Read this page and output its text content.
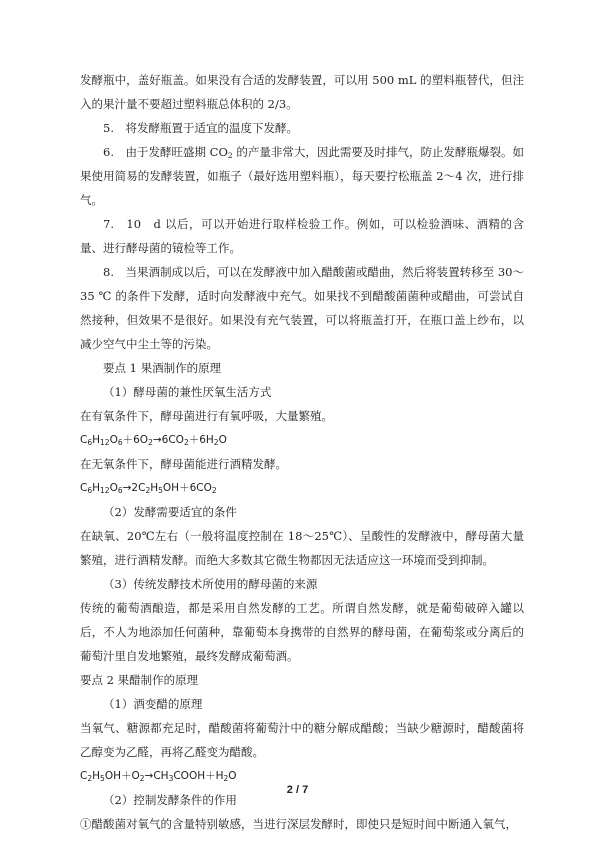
发酵瓶中，盖好瓶盖。如果没有合适的发酵装置，可以用 500 mL 的塑料瓶替代，但注入的果汁量不要超过塑料瓶总体积的 2/3。

5.　将发酵瓶置于适宜的温度下发酵。

6.　由于发酵旺盛期 $CO_2$ 的产量非常大，因此需要及时排气，防止发酵瓶爆裂。如果使用简易的发酵装置，如瓶子（最好选用塑料瓶），每天要拧松瓶盖 2～4 次，进行排气。

7.　10　d 以后，可以开始进行取样检验工作。例如，可以检验酒味、酒精的含量、进行酵母菌的镜检等工作。

8.　当果酒制成以后，可以在发酵液中加入醋酸菌或醋曲，然后将装置转移至 30～35 ℃ 的条件下发酵，适时向发酵液中充气。如果找不到醋酸菌菌种或醋曲，可尝试自然接种，但效果不是很好。如果没有充气装置，可以将瓶盖打开，在瓶口盖上纱布，以减少空气中尘土等的污染。

要点 1 果酒制作的原理

（1）酵母菌的兼性厌氧生活方式

在有氧条件下，酵母菌进行有氧呼吸，大量繁殖。

$C_6H_{12}O_6+6O_2\to 6CO_2+6H_2O$

在无氧条件下，酵母菌能进行酒精发酵。

$C_6H_{12}O_6\to 2C_2H_5OH+6CO_2$

（2）发酵需要适宜的条件

在缺氧、20℃左右（一般将温度控制在 18～25℃）、呈酸性的发酵液中，酵母菌大量繁殖，进行酒精发酵。而绝大多数其它微生物都因无法适应这一环境而受到抑制。

（3）传统发酵技术所使用的酵母菌的来源

传统的葡萄酒酿造，都是采用自然发酵的工艺。所谓自然发酵，就是葡萄破碎入罐以后，不人为地添加任何菌种，靠葡萄本身携带的自然界的酵母菌，在葡萄浆或分离后的葡萄汁里自发地繁殖，最终发酵成葡萄酒。

要点 2 果醋制作的原理

（1）酒变醋的原理

当氧气、糖源都充足时，醋酸菌将葡萄汁中的糖分解成醋酸；当缺少糖源时，醋酸菌将乙醇变为乙醛，再将乙醛变为醋酸。

$C_2H_5OH+O_2\to CH_3COOH+H_2O$

（2）控制发酵条件的作用

①醋酸菌对氧气的含量特别敏感，当进行深层发酵时，即使只是短时间中断通入氧气，

2 / 7
